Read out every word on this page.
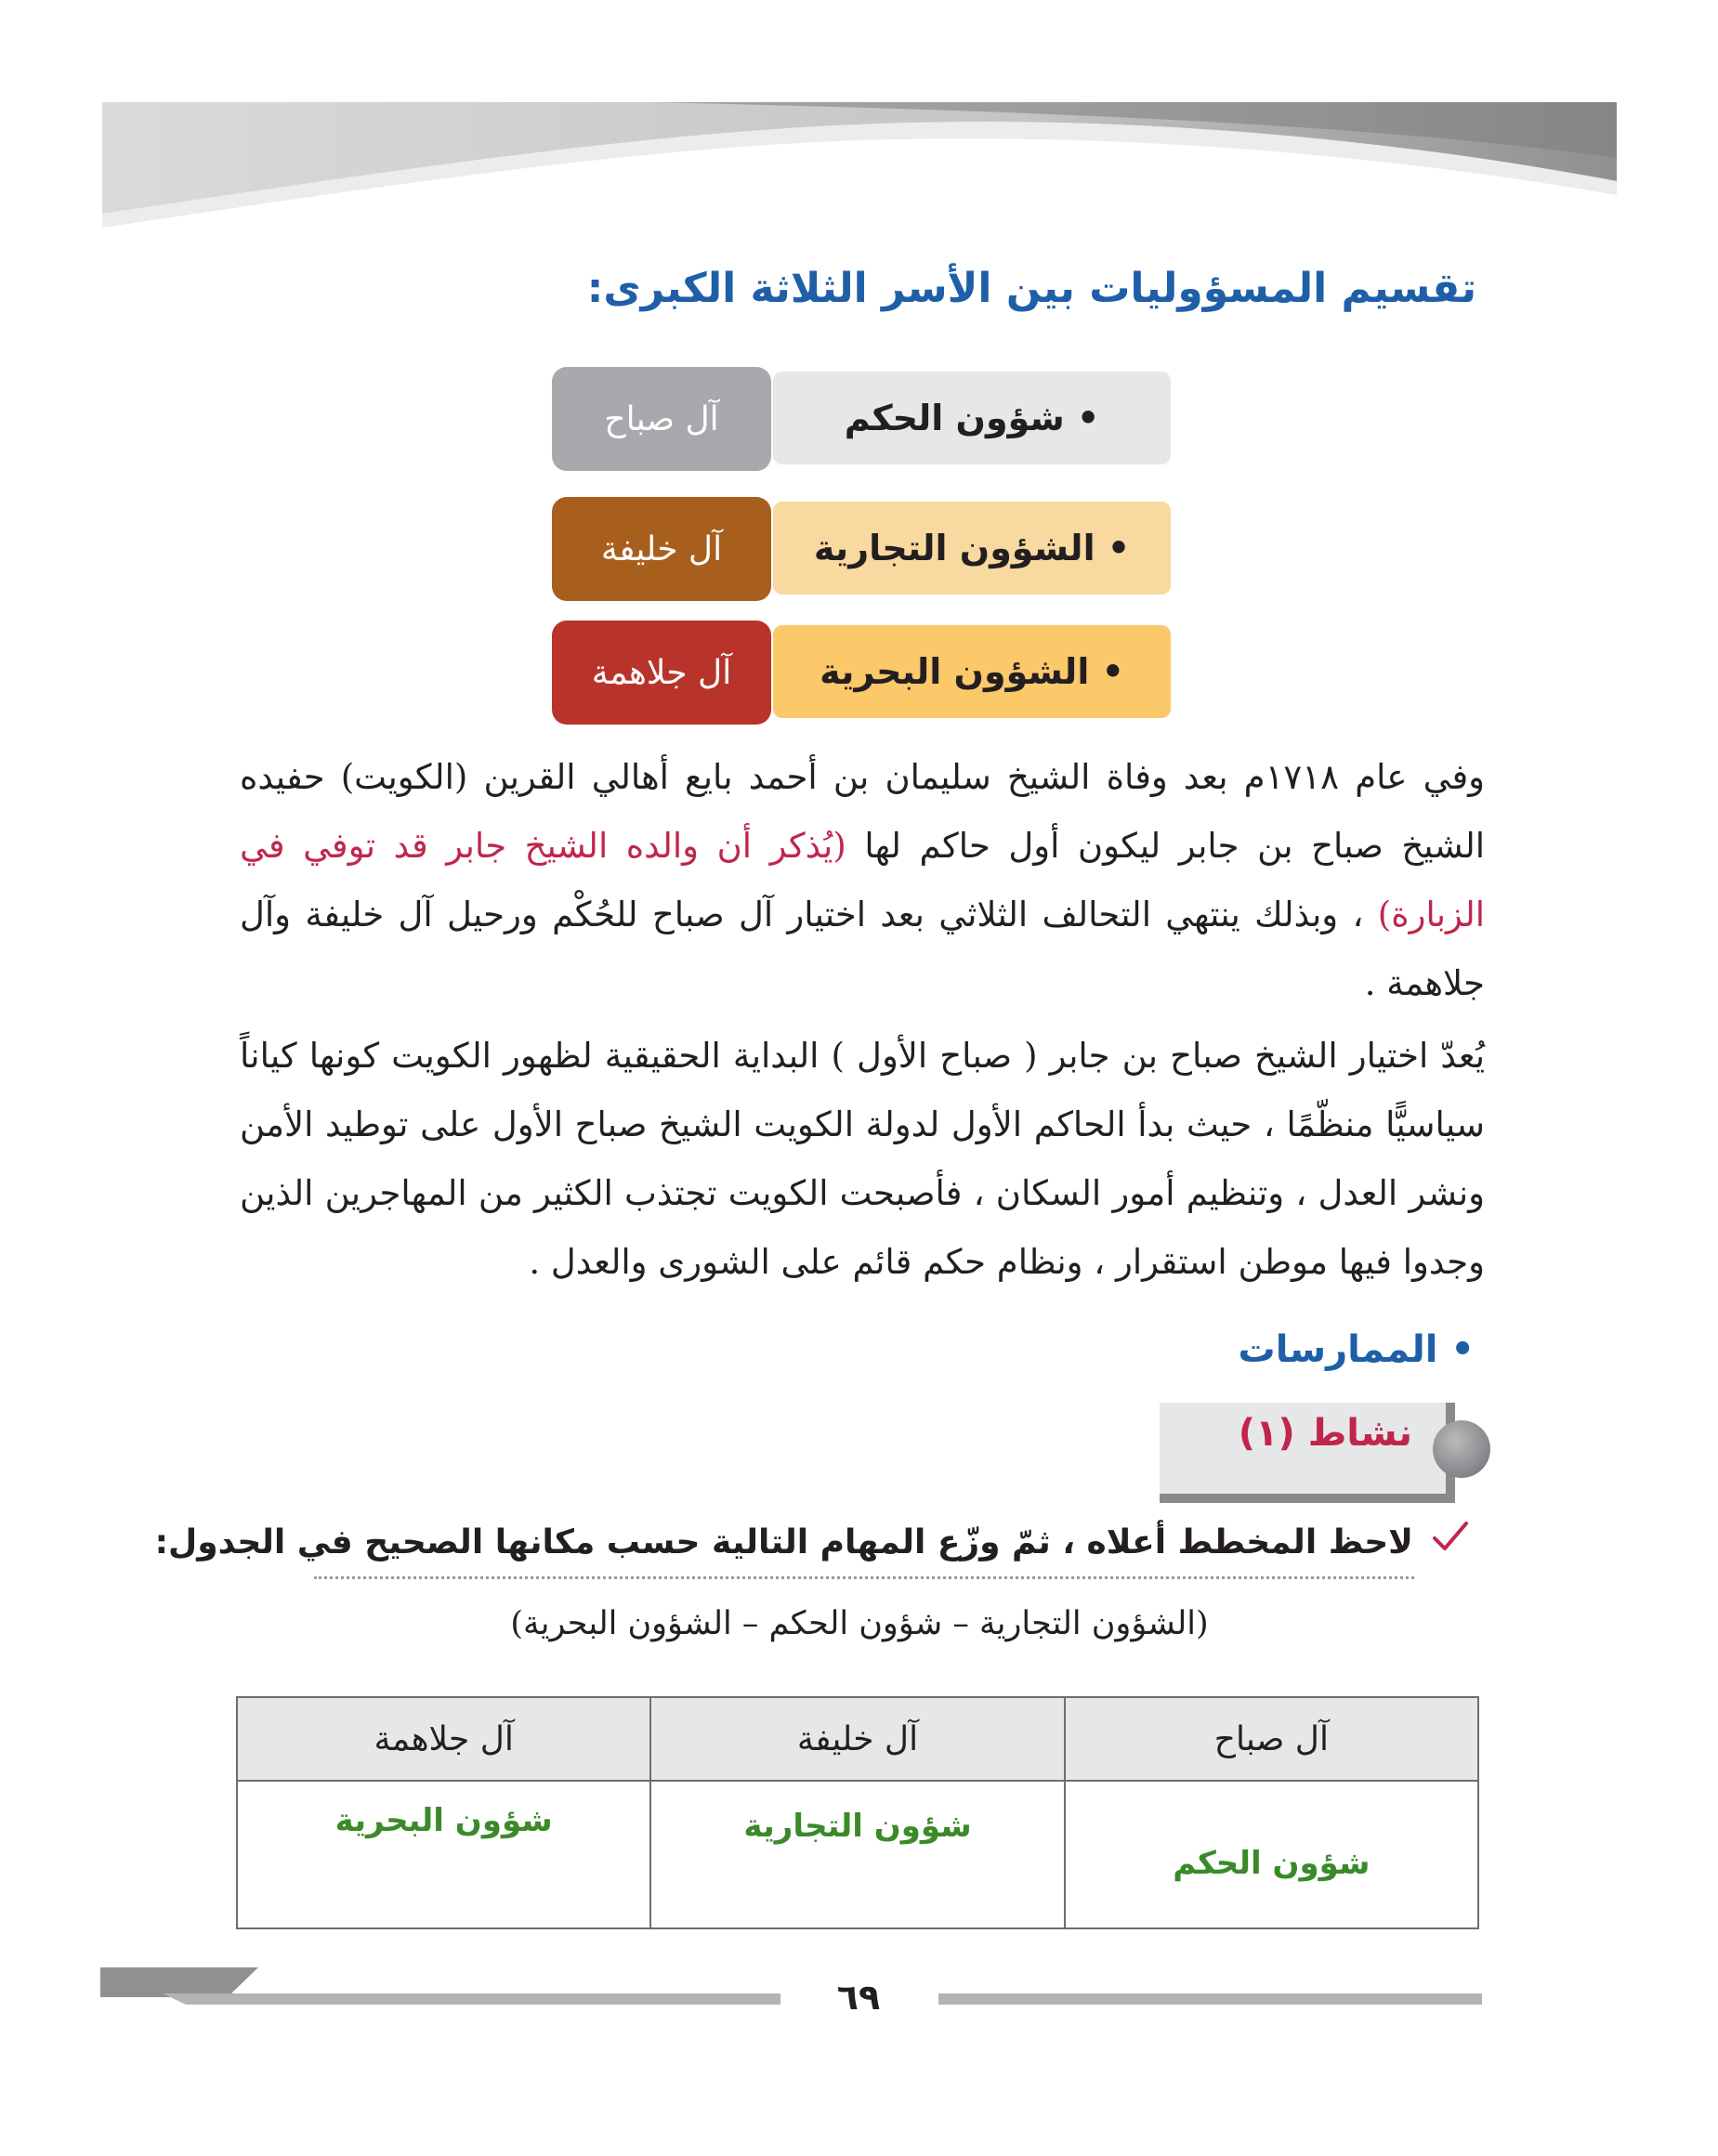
تقسيم المسؤوليات بين الأسر الثلاثة الكبرى:
• شؤون الحكم
آل صباح
• الشؤون التجارية
آل خليفة
• الشؤون البحرية
آل جلاهمة

وفي عام ١٧١٨م بعد وفاة الشيخ سليمان بن أحمد بايع أهالي القرين (الكويت) حفيده الشيخ صباح بن جابر ليكون أول حاكم لها (يُذكر أن والده الشيخ جابر قد توفي في الزبارة) ، وبذلك ينتهي التحالف الثلاثي بعد اختيار آل صباح للحُكْم ورحيل آل خليفة وآل جلاهمة .

يُعدّ اختيار الشيخ صباح بن جابر ( صباح الأول ) البداية الحقيقية لظهور الكويت كونها كياناً سياسيًّا منظّمًا ، حيث بدأ الحاكم الأول لدولة الكويت الشيخ صباح الأول على توطيد الأمن ونشر العدل ، وتنظيم أمور السكان ، فأصبحت الكويت تجتذب الكثير من المهاجرين الذين وجدوا فيها موطن استقرار ، ونظام حكم قائم على الشورى والعدل .

• الممارسات
نشاط (١)
لاحظ المخطط أعلاه ، ثمّ وزّع المهام التالية حسب مكانها الصحيح في الجدول:
(الشؤون التجارية – شؤون الحكم – الشؤون البحرية)
آل صباح	آل خليفة	آل جلاهمة
شؤون الحكم	شؤون التجارية	شؤون البحرية
٦٩
